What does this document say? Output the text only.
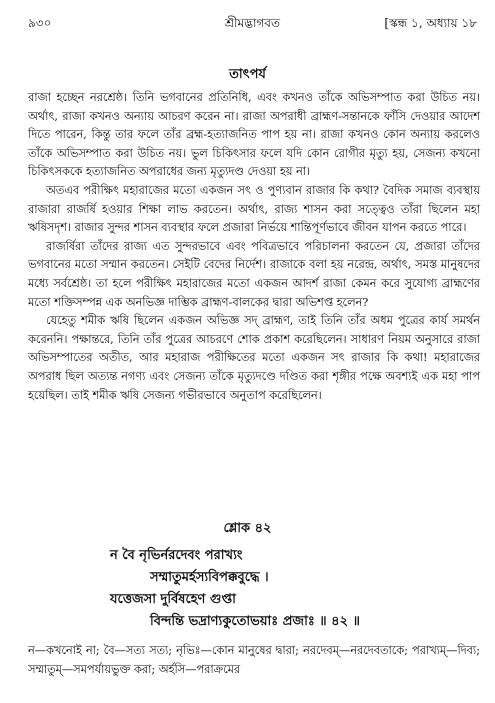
৯৩০	শ্রীমদ্ভাগবত	[স্কন্ধ ১, অধ্যায় ১৮
তাৎপর্য

রাজা হচ্ছেন নরশ্রেষ্ঠ। তিনি ভগবানের প্রতিনিধি, এবং কখনও তাঁকে অভিসম্পাত করা উচিত নয়। অর্থাৎ, রাজা কখনও অন্যায় আচরণ করেন না। রাজা অপরাধী ব্রাহ্মণ-সন্তানকে ফাঁসি দেওয়ার আদেশ দিতে পারেন, কিন্তু তার ফলে তাঁর ব্রহ্ম-হত্যাজনিত পাপ হয় না। রাজা কখনও কোন অন্যায় করলেও তাঁকে অভিসম্পাত করা উচিত নয়। ভুল চিকিৎসার ফলে যদি কোন রোগীর মৃত্যু হয়, সেজন্য কখনো চিকিৎসককে হত্যাজনিত অপরাধের জন্য মৃত্যুদণ্ড দেওয়া হয় না।

অতএব পরীক্ষিৎ মহারাজের মতো একজন সৎ ও পুণ্যবান রাজার কি কথা? বৈদিক সমাজ ব্যবস্থায় রাজারা রাজর্ষি হওয়ার শিক্ষা লাভ করতেন। অর্থাৎ, রাজ্য শাসন করা সত্ত্বেও তাঁরা ছিলেন মহা ঋষিসদৃশ। রাজার সুন্দর শাসন ব্যবস্থার ফলে প্রজারা নির্ভয়ে শান্তিপূর্ণভাবে জীবন যাপন করতে পারে।

রাজর্ষিরা তাঁদের রাজ্য এত সুন্দরভাবে এবং পবিত্রভাবে পরিচালনা করতেন যে, প্রজারা তাঁদের ভগবানের মতো সম্মান করতেন। সেইটি বেদের নির্দেশ। রাজাকে বলা হয় নরেন্দ্র, অর্থাৎ, সমস্ত মানুষদের মধ্যে সর্বশ্রেষ্ঠ। তা হলে পরীক্ষিৎ মহারাজের মতো একজন আদর্শ রাজা কেমন করে সুযোগ্য ব্রাহ্মণের মতো শক্তিসম্পন্ন এক অনভিজ্ঞ দাম্ভিক ব্রাহ্মণ-বালকের দ্বারা অভিশপ্ত হলেন?

যেহেতু শমীক ঋষি ছিলেন একজন অভিজ্ঞ সদ্ ব্রাহ্মণ, তাই তিনি তাঁর অধম পুত্রের কার্য সমর্থন করেননি। পক্ষান্তরে, তিনি তাঁর পুত্রের আচরণে শোক প্রকাশ করেছিলেন। সাধারণ নিয়ম অনুসারে রাজা অভিসম্পাতের অতীত, আর মহারাজ পরীক্ষিতের মতো একজন সৎ রাজার কি কথা! মহারাজের অপরাধ ছিল অত্যন্ত নগণ্য এবং সেজন্য তাঁকে মৃত্যুদণ্ডে দণ্ডিত করা শৃঙ্গীর পক্ষে অবশ্যই এক মহা পাপ হয়েছিল। তাই শমীক ঋষি সেজন্য গভীরভাবে অনুতাপ করেছিলেন।

শ্লোক ৪২
ন বৈ নৃভির্নরদেবং পরাখ্যং
সম্মাতুমর্হস্যবিপক্কবুদ্ধে ।
যত্তেজসা দুর্বিষহেণ গুপ্তা
বিন্দন্তি ভদ্রাণ্যকুতোভয়াঃ প্রজাঃ ॥ ৪২ ॥
ন—কখনোই না; বৈ—সত্য সত্য; নৃভিঃ—কোন মানুষের দ্বারা; নরদেবম্—নরদেবতাকে; পরাখ্যম্—দিব্য; সম্মাতুম্—সমপর্যায়ভুক্ত করা; অর্হসি—পরাক্রমের
